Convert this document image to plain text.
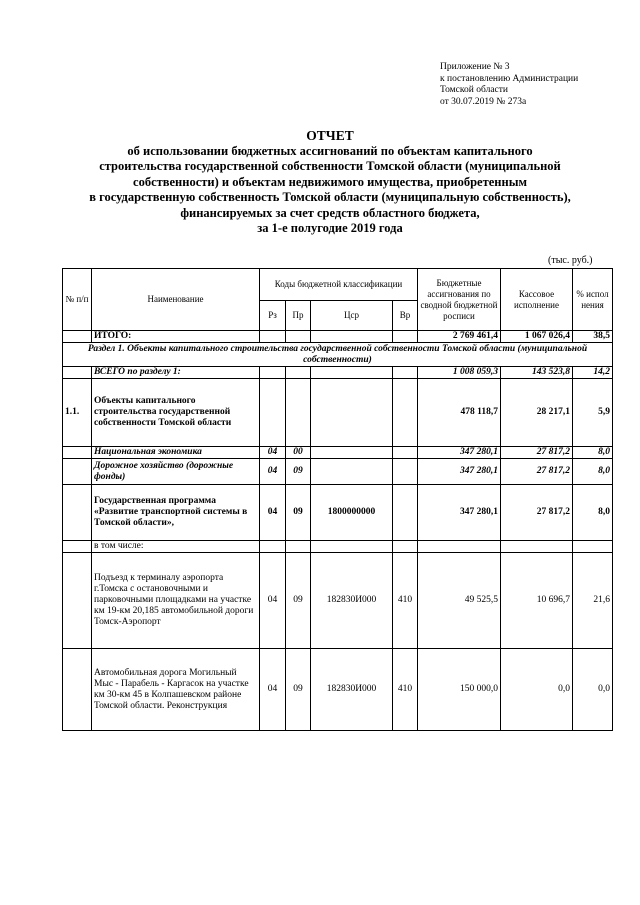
Приложение № 3
к постановлению Администрации
Томской области
от 30.07.2019 № 273а
ОТЧЕТ
об использовании бюджетных ассигнований по объектам капитального
строительства государственной собственности Томской области (муниципальной
собственности) и объектам недвижимого имущества, приобретенным
в государственную собственность Томской области (муниципальную собственность),
финансируемых за счет средств областного бюджета,
за 1-е полугодие 2019 года
(тыс. руб.)
№ п/п	Наименование	Коды бюджетной классификации				Бюджетные ассигнования по сводной бюджетной росписи	Кассовое исполнение	% испол нения
		Рз	Пр	Цср	Вр			
	ИТОГО:					2 769 461,4	1 067 026,4	38,5
Раздел 1. Объекты капитального строительства государственной собственности Томской области (муниципальной собственности)								
	ВСЕГО по разделу 1:					1 008 059,3	143 523,8	14,2
1.1.	Объекты капитального строительства государственной собственности Томской области					478 118,7	28 217,1	5,9
	Национальная экономика	04	00			347 280,1	27 817,2	8,0
	Дорожное хозяйство (дорожные фонды)	04	09			347 280,1	27 817,2	8,0
	Государственная программа «Развитие транспортной системы в Томской области»,	04	09	1800000000		347 280,1	27 817,2	8,0
	в том числе:							
	Подъезд к терминалу аэропорта г.Томска с остановочными и парковочными площадками на участке км 19-км 20,185 автомобильной дороги Томск-Аэропорт	04	09	182830И000	410	49 525,5	10 696,7	21,6
	Автомобильная дорога Могильный Мыс - Парабель - Каргасок на участке км 30-км 45 в Колпашевском районе Томской области. Реконструкция	04	09	182830И000	410	150 000,0	0,0	0,0
